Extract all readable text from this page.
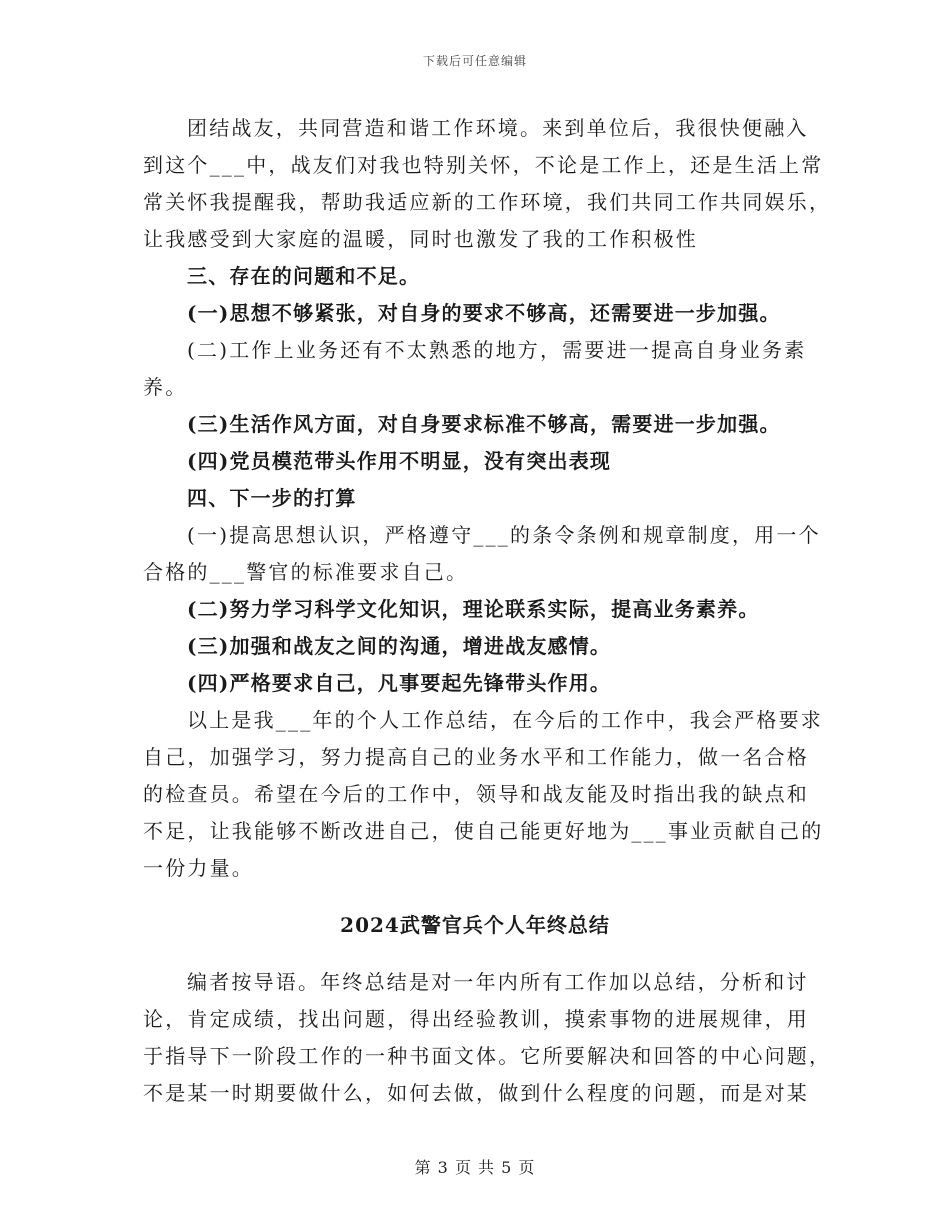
下载后可任意编辑
团结战友，共同营造和谐工作环境。来到单位后，我很快便融入
到这个___中，战友们对我也特别关怀，不论是工作上，还是生活上常
常关怀我提醒我，帮助我适应新的工作环境，我们共同工作共同娱乐，
让我感受到大家庭的温暖，同时也激发了我的工作积极性
三、存在的问题和不足。
(一)思想不够紧张，对自身的要求不够高，还需要进一步加强。
(二)工作上业务还有不太熟悉的地方，需要进一提高自身业务素
养。
(三)生活作风方面，对自身要求标准不够高，需要进一步加强。
(四)党员模范带头作用不明显，没有突出表现
四、下一步的打算
(一)提高思想认识，严格遵守___的条令条例和规章制度，用一个
合格的___警官的标准要求自己。
(二)努力学习科学文化知识，理论联系实际，提高业务素养。
(三)加强和战友之间的沟通，增进战友感情。
(四)严格要求自己，凡事要起先锋带头作用。
以上是我___年的个人工作总结，在今后的工作中，我会严格要求
自己，加强学习，努力提高自己的业务水平和工作能力，做一名合格
的检查员。希望在今后的工作中，领导和战友能及时指出我的缺点和
不足，让我能够不断改进自己，使自己能更好地为___事业贡献自己的
一份力量。
2024武警官兵个人年终总结
编者按导语。年终总结是对一年内所有工作加以总结，分析和讨
论，肯定成绩，找出问题，得出经验教训，摸索事物的进展规律，用
于指导下一阶段工作的一种书面文体。它所要解决和回答的中心问题，
不是某一时期要做什么，如何去做，做到什么程度的问题，而是对某
第 3 页 共 5 页
